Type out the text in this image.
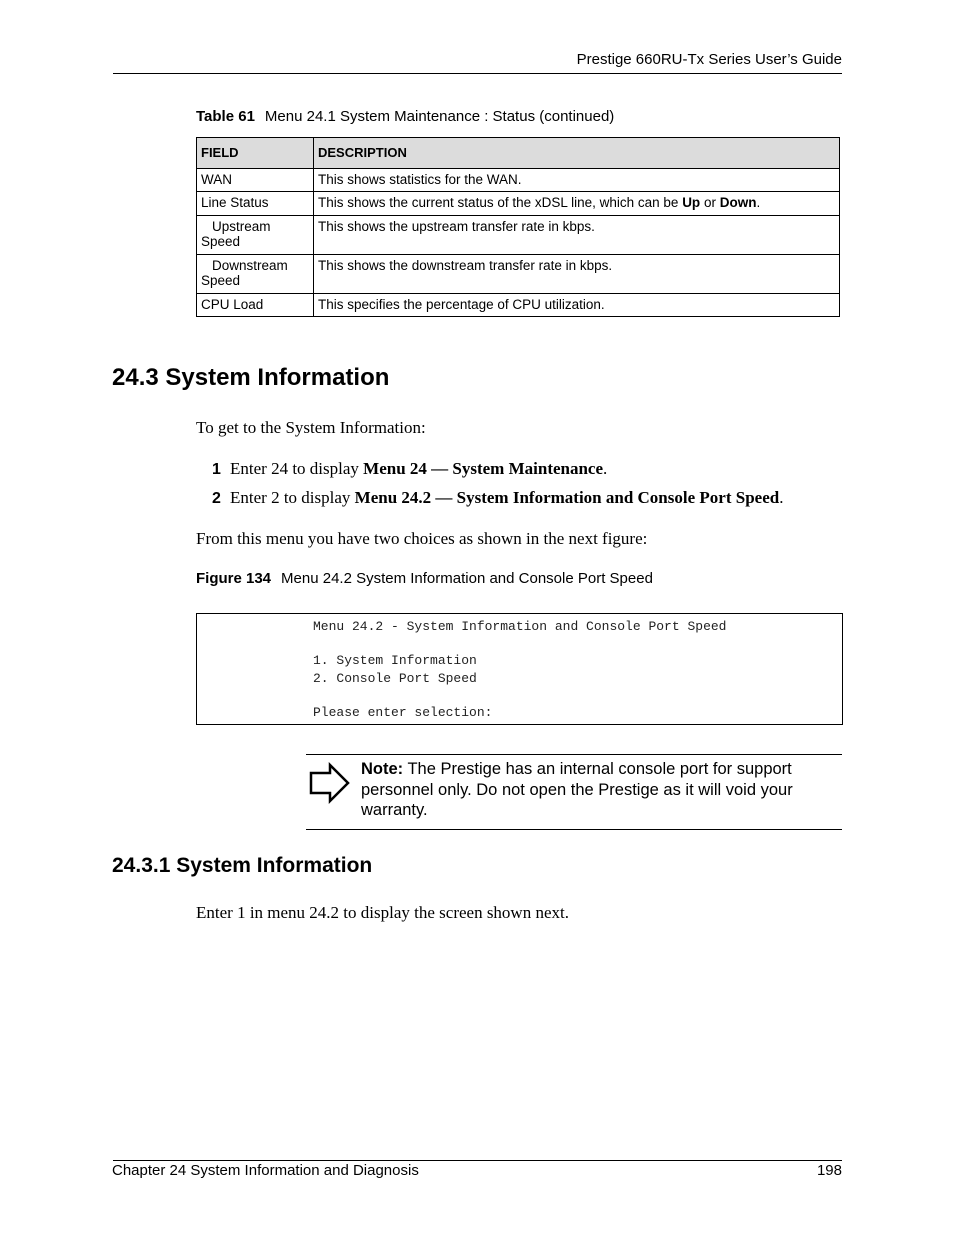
Prestige 660RU-Tx Series User’s Guide
Table 61 Menu 24.1 System Maintenance : Status (continued)
FIELD	DESCRIPTION
WAN	This shows statistics for the WAN.
Line Status	This shows the current status of the xDSL line, which can be Up or Down.
Upstream
Speed	This shows the upstream transfer rate in kbps.
Downstream
Speed	This shows the downstream transfer rate in kbps.
CPU Load	This specifies the percentage of CPU utilization.
24.3 System Information
To get to the System Information:
1 Enter 24 to display Menu 24 — System Maintenance.
2 Enter 2 to display Menu 24.2 — System Information and Console Port Speed.
From this menu you have two choices as shown in the next figure:
Figure 134 Menu 24.2 System Information and Console Port Speed
Menu 24.2 - System Information and Console Port Speed
1. System Information
2. Console Port Speed
Please enter selection:
Note: The Prestige has an internal console port for support personnel only. Do not open the Prestige as it will void your warranty.
24.3.1 System Information
Enter 1 in menu 24.2 to display the screen shown next.
Chapter 24 System Information and Diagnosis	198
